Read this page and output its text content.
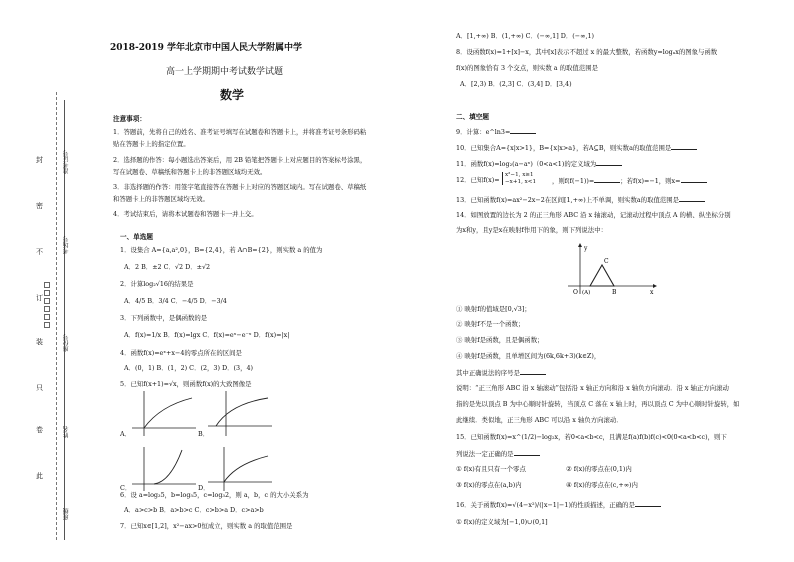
封
密
不
订
装
只
卷
此
准考证号
考场号
座位号
姓名
班级
2018-2019 学年北京市中国人民大学附属中学
高一上学期期中考试数学试题
数学
注意事项：
1．答题前，先将自己的姓名、准考证号填写在试题卷和答题卡上，并将准考证号条形码粘
贴在答题卡上的指定位置。
2．选择题的作答：每小题选出答案后，用 2B 铅笔把答题卡上对应题目的答案标号涂黑，
写在试题卷、草稿纸和答题卡上的非答题区域均无效。
3．非选择题的作答：用签字笔直接答在答题卡上对应的答题区域内。写在试题卷、草稿纸
和答题卡上的非答题区域均无效。
4．考试结束后，请将本试题卷和答题卡一并上交。
一、单选题
1．设集合 A={a,a²,0}，B={2,4}，若 A∩B={2}，则实数 a 的值为
A．2 B．±2 C．√2 D．±√2
2．计算log₂√16的结果是
A．4/5 B．3/4 C．−4/5 D．−3/4
3．下列函数中，是偶函数的是
A．f(x)=1/x B．f(x)=lgx C．f(x)=eˣ−e⁻ˣ D．f(x)=|x|
4．函数f(x)=eˣ+x−4的零点所在的区间是
A．(0，1) B．(1，2) C．(2，3) D．(3，4)
5．已知f(x+1)=√x，则函数f(x)的大致图像是
A．	B．
C．	D．
6．设 a=log₃5，b=log₅5，c=log₃2，则 a，b，c 的大小关系为
A．a>c>b B．a>b>c C．c>b>a D．c>a>b
7．已知x∈[1,2]，x²−ax>0恒成立，则实数 a 的取值范围是
A．[1,+∞) B．(1,+∞) C．(−∞,1] D．(−∞,1)
8．设函数f(x)=1+[x]−x，其中[x]表示不超过 x 的最大整数，若函数y=logₐx的图象与函数
f(x)的图象恰有 3 个交点，则实数 a 的取值范围是
A．[2,3) B．(2,3] C．(3,4] D．[3,4)
二、填空题
9．计算：e^ln3=
10．已知集合A={x|x>1}，B={x|x>a}，若A⊆B，则实数a的取值范围是
11．函数f(x)=log₂(a−aˣ)（0<a<1)的定义域为
12．已知f(x)=
x²−1, x≥1
−x+1, x<1 ，则f(f(−1))=	；若f(x)=−1，则x=
13．已知函数f(x)=ax²−2x−2在区间[1,+∞)上不单调，则实数a的取值范围是
14．如图放置的边长为 2 的正三角形 ABC 沿 x 轴滚动，记滚动过程中顶点 A 的横、纵坐标分别
为x和y，且y是x在映射f作用下的象，则下列说法中：
y
C
O (A)	B	x
① 映射f的值域是[0,√3]；
② 映射f不是一个函数；
③ 映射f是函数，且是偶函数；
④ 映射f是函数，且单增区间为(6k,6k+3)(k∈Z)，
其中正确说法的序号是
说明：“正三角形 ABC 沿 x 轴滚动”包括沿 x 轴正方向和沿 x 轴负方向滚动．沿 x 轴正方向滚动
指的是先以顶点 B 为中心顺时针旋转，当顶点 C 落在 x 轴上时，再以顶点 C 为中心顺时针旋转，如
此继续．类似地，正三角形 ABC 可以沿 x 轴负方向滚动．
15．已知函数f(x)=x^(1/2)−log₂x，若0<a<b<c，且满足f(a)f(b)f(c)<0(0<a<b<c)，则下
列说法一定正确的是
① f(x)有且只有一个零点	② f(x)的零点在(0,1)内
③ f(x)的零点在(a,b)内	④ f(x)的零点在(c,+∞)内
16．关于函数f(x)=√(4−x²)/(|x−1|−1)的性质描述，正确的是
① f(x)的定义域为[−1,0)∪(0,1]
